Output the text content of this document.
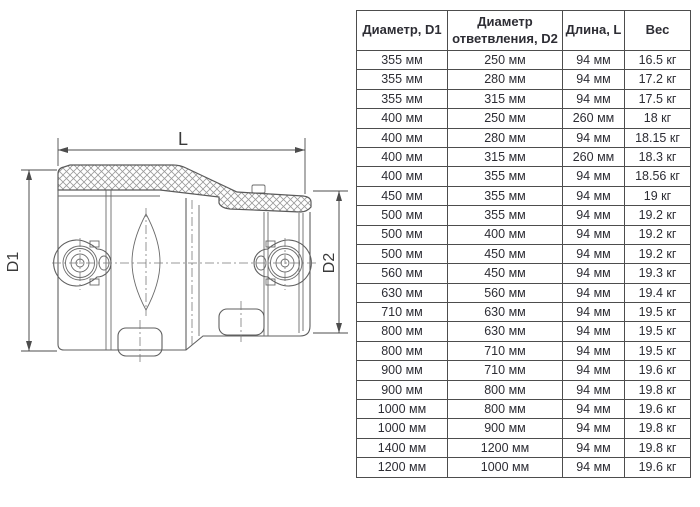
L
D1	D2
Диаметр, D1	Диаметр ответвления, D2	Длина, L	Вес
355 мм	250 мм	94 мм	16.5 кг
355 мм	280 мм	94 мм	17.2 кг
355 мм	315 мм	94 мм	17.5 кг
400 мм	250 мм	260 мм	18 кг
400 мм	280 мм	94 мм	18.15 кг
400 мм	315 мм	260 мм	18.3 кг
400 мм	355 мм	94 мм	18.56 кг
450 мм	355 мм	94 мм	19 кг
500 мм	355 мм	94 мм	19.2 кг
500 мм	400 мм	94 мм	19.2 кг
500 мм	450 мм	94 мм	19.2 кг
560 мм	450 мм	94 мм	19.3 кг
630 мм	560 мм	94 мм	19.4 кг
710 мм	630 мм	94 мм	19.5 кг
800 мм	630 мм	94 мм	19.5 кг
800 мм	710 мм	94 мм	19.5 кг
900 мм	710 мм	94 мм	19.6 кг
900 мм	800 мм	94 мм	19.8 кг
1000 мм	800 мм	94 мм	19.6 кг
1000 мм	900 мм	94 мм	19.8 кг
1400 мм	1200 мм	94 мм	19.8 кг
1200 мм	1000 мм	94 мм	19.6 кг
